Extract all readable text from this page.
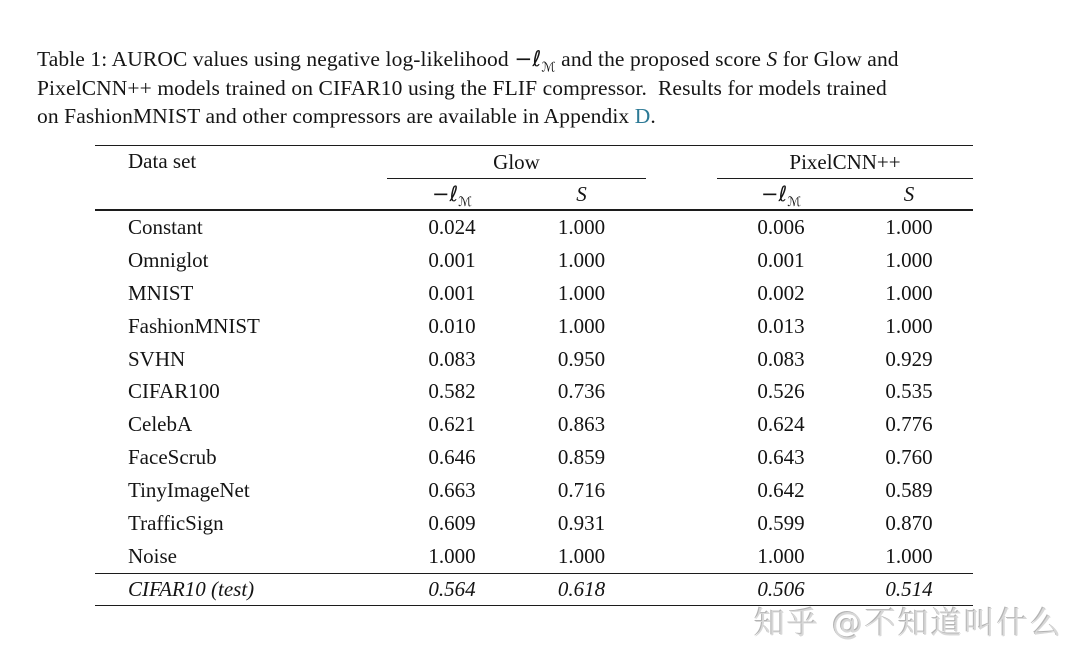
Table 1: AUROC values using negative log-likelihood −ℓ$_ℳ$ and the proposed score S for Glow and
PixelCNN++ models trained on CIFAR10 using the FLIF compressor.  Results for models trained
on FashionMNIST and other compressors are available in Appendix D.
Data set	Glow			PixelCNN++	
	−ℓ$_ℳ$	S		−ℓ$_ℳ$	S
Constant	0.024	1.000		0.006	1.000
Omniglot	0.001	1.000		0.001	1.000
MNIST	0.001	1.000		0.002	1.000
FashionMNIST	0.010	1.000		0.013	1.000
SVHN	0.083	0.950		0.083	0.929
CIFAR100	0.582	0.736		0.526	0.535
CelebA	0.621	0.863		0.624	0.776
FaceScrub	0.646	0.859		0.643	0.760
TinyImageNet	0.663	0.716		0.642	0.589
TrafficSign	0.609	0.931		0.599	0.870
Noise	1.000	1.000		1.000	1.000
CIFAR10 (test)	0.564	0.618		0.506	0.514
知乎 @不知道叫什么
